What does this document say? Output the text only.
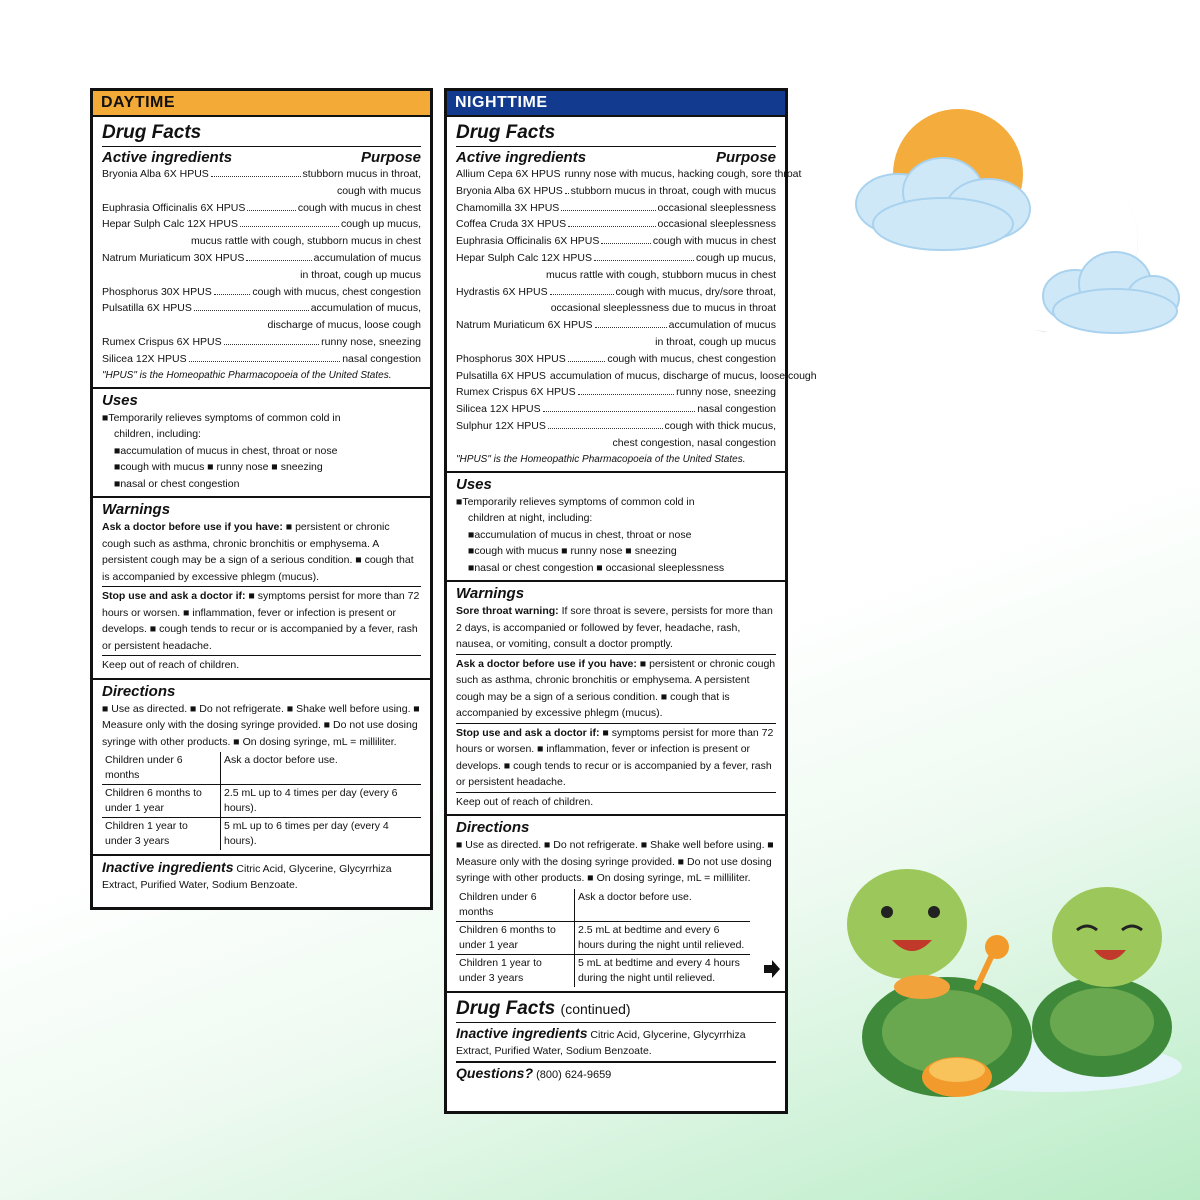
DAYTIME
Drug Facts
Active ingredients	Purpose
Bryonia Alba 6X HPUS	stubborn mucus in throat,
cough with mucus
Euphrasia Officinalis 6X HPUS	cough with mucus in chest
Hepar Sulph Calc 12X HPUS	cough up mucus,
mucus rattle with cough, stubborn mucus in chest
Natrum Muriaticum 30X HPUS	accumulation of mucus
in throat, cough up mucus
Phosphorus 30X HPUS	cough with mucus, chest congestion
Pulsatilla 6X HPUS	accumulation of mucus,
discharge of mucus, loose cough
Rumex Crispus 6X HPUS	runny nose, sneezing
Silicea 12X HPUS	nasal congestion
"HPUS" is the Homeopathic Pharmacopoeia of the United States.
Uses
■ Temporarily relieves symptoms of common cold in
children, including:
■ accumulation of mucus in chest, throat or nose
■ cough with mucus ■ runny nose ■ sneezing
■ nasal or chest congestion
Warnings
Ask a doctor before use if you have: ■ persistent or chronic cough such as asthma, chronic bronchitis or emphysema. A persistent cough may be a sign of a serious condition. ■ cough that is accompanied by excessive phlegm (mucus).
Stop use and ask a doctor if: ■ symptoms persist for more than 72 hours or worsen. ■ inflammation, fever or infection is present or develops. ■ cough tends to recur or is accompanied by a fever, rash or persistent headache.
Keep out of reach of children.
Directions
■ Use as directed. ■ Do not refrigerate. ■ Shake well before using. ■ Measure only with the dosing syringe provided. ■ Do not use dosing syringe with other products. ■ On dosing syringe, mL = milliliter.
Children under 6 months	Ask a doctor before use.
Children 6 months to under 1 year	2.5 mL up to 4 times per day (every 6 hours).
Children 1 year to under 3 years	5 mL up to 6 times per day (every 4 hours).
Inactive ingredients Citric Acid, Glycerine, Glycyrrhiza Extract, Purified Water, Sodium Benzoate.
NIGHTTIME
Drug Facts
Active ingredients	Purpose
Allium Cepa 6X HPUS runny nose with mucus, hacking cough, sore throat
Bryonia Alba 6X HPUS stubborn mucus in throat, cough with mucus
Chamomilla 3X HPUS	occasional sleeplessness
Coffea Cruda 3X HPUS	occasional sleeplessness
Euphrasia Officinalis 6X HPUS	cough with mucus in chest
Hepar Sulph Calc 12X HPUS	cough up mucus,
mucus rattle with cough, stubborn mucus in chest
Hydrastis 6X HPUS	cough with mucus, dry/sore throat,
occasional sleeplessness due to mucus in throat
Natrum Muriaticum 6X HPUS	accumulation of mucus
in throat, cough up mucus
Phosphorus 30X HPUS	cough with mucus, chest congestion
Pulsatilla 6X HPUS accumulation of mucus, discharge of mucus, loose cough
Rumex Crispus 6X HPUS	runny nose, sneezing
Silicea 12X HPUS	nasal congestion
Sulphur 12X HPUS	cough with thick mucus,
chest congestion, nasal congestion
"HPUS" is the Homeopathic Pharmacopoeia of the United States.
Uses
■ Temporarily relieves symptoms of common cold in
children at night, including:
■ accumulation of mucus in chest, throat or nose
■ cough with mucus ■ runny nose ■ sneezing
■ nasal or chest congestion ■ occasional sleeplessness
Warnings
Sore throat warning: If sore throat is severe, persists for more than 2 days, is accompanied or followed by fever, headache, rash, nausea, or vomiting, consult a doctor promptly.
Ask a doctor before use if you have: ■ persistent or chronic cough such as asthma, chronic bronchitis or emphysema. A persistent cough may be a sign of a serious condition. ■ cough that is accompanied by excessive phlegm (mucus).
Stop use and ask a doctor if: ■ symptoms persist for more than 72 hours or worsen. ■ inflammation, fever or infection is present or develops. ■ cough tends to recur or is accompanied by a fever, rash or persistent headache.
Keep out of reach of children.
Directions
■ Use as directed. ■ Do not refrigerate. ■ Shake well before using. ■ Measure only with the dosing syringe provided. ■ Do not use dosing syringe with other products. ■ On dosing syringe, mL = milliliter.
Children under 6 months	Ask a doctor before use.
Children 6 months to under 1 year	2.5 mL at bedtime and every 6 hours during the night until relieved.
Children 1 year to under 3 years	5 mL at bedtime and every 4 hours during the night until relieved.
Drug Facts (continued)
Inactive ingredients Citric Acid, Glycerine, Glycyrrhiza Extract, Purified Water, Sodium Benzoate.
Questions? (800) 624-9659
